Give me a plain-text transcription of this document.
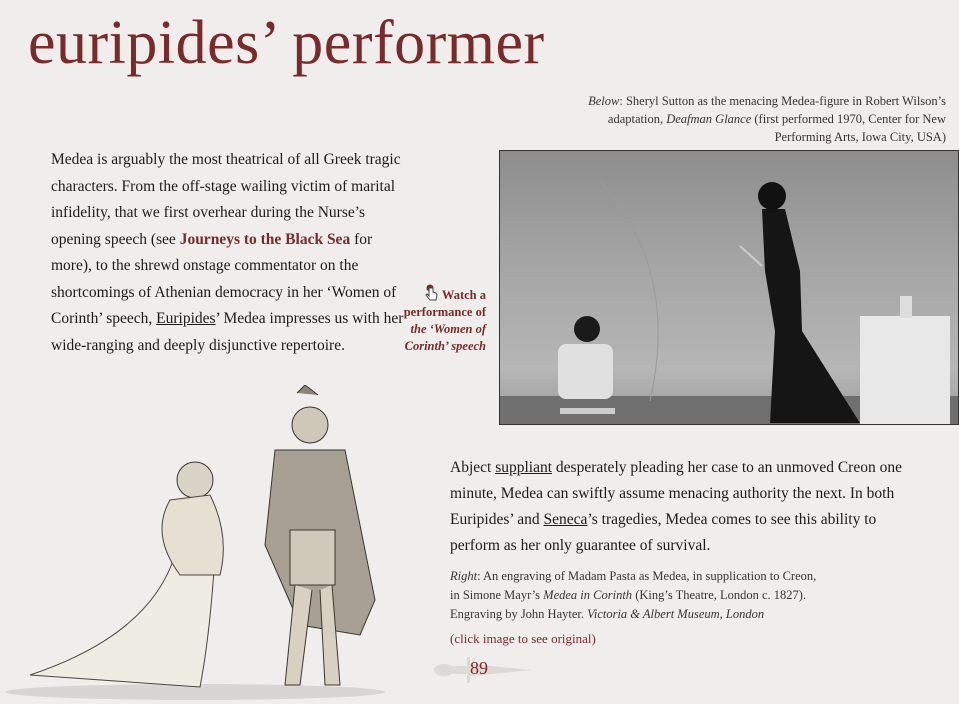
euripides’ performer
Below: Sheryl Sutton as the menacing Medea-figure in Robert Wilson’s adaptation, Deafman Glance (first performed 1970, Center for New Performing Arts, Iowa City, USA)
Medea is arguably the most theatrical of all Greek tragic characters. From the off-stage wailing victim of marital infidelity, that we first overhear during the Nurse’s opening speech (see Journeys to the Black Sea for more), to the shrewd onstage commentator on the shortcomings of Athenian democracy in her ‘Women of Corinth’ speech, Euripides’ Medea impresses us with her wide-ranging and deeply disjunctive repertoire.
Watch a performance of the ‘Women of Corinth’ speech
Abject suppliant desperately pleading her case to an unmoved Creon one minute, Medea can swiftly assume menacing authority the next. In both Euripides’ and Seneca’s tragedies, Medea comes to see this ability to perform as her only guarantee of survival.
Right: An engraving of Madam Pasta as Medea, in supplication to Creon, in Simone Mayr’s Medea in Corinth (King’s Theatre, London c. 1827). Engraving by John Hayter. Victoria & Albert Museum, London
(click image to see original)
89
